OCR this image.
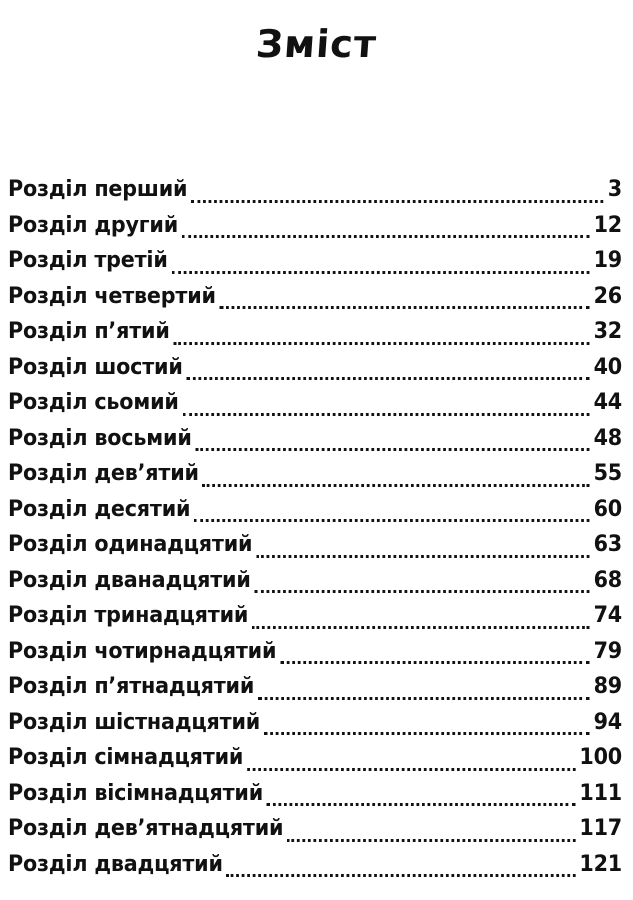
Зміст
Розділ перший	3
Розділ другий	12
Розділ третій	19
Розділ четвертий	26
Розділ п’ятий	32
Розділ шостий	40
Розділ сьомий	44
Розділ восьмий	48
Розділ дев’ятий	55
Розділ десятий	60
Розділ одинадцятий	63
Розділ дванадцятий	68
Розділ тринадцятий	74
Розділ чотирнадцятий	79
Розділ п’ятнадцятий	89
Розділ шістнадцятий	94
Розділ сімнадцятий	100
Розділ вісімнадцятий	111
Розділ дев’ятнадцятий	117
Розділ двадцятий	121
